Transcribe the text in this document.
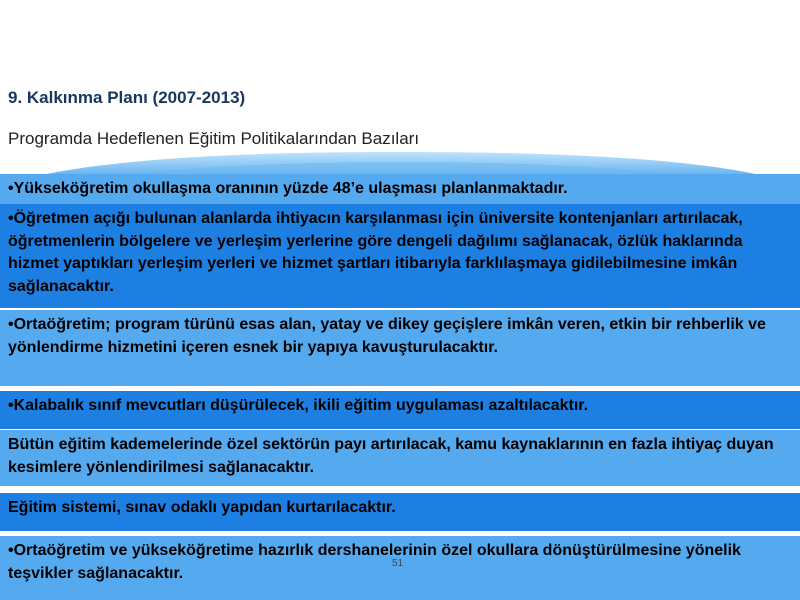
9. Kalkınma Planı (2007-2013)
Programda Hedeflenen Eğitim Politikalarından Bazıları
•Yükseköğretim okullaşma oranının yüzde 48’e ulaşması planlanmaktadır.
•Öğretmen açığı bulunan alanlarda ihtiyacın karşılanması için üniversite kontenjanları artırılacak, öğretmenlerin bölgelere ve yerleşim yerlerine göre dengeli dağılımı sağlanacak, özlük haklarında hizmet yaptıkları yerleşim yerleri ve hizmet şartları itibarıyla farklılaşmaya gidilebilmesine imkân sağlanacaktır.
•Ortaöğretim; program türünü esas alan, yatay ve dikey geçişlere imkân veren, etkin bir rehberlik ve yönlendirme hizmetini içeren esnek bir yapıya kavuşturulacaktır.
•Kalabalık sınıf mevcutları düşürülecek, ikili eğitim uygulaması azaltılacaktır.
Bütün eğitim kademelerinde özel sektörün payı artırılacak, kamu kaynaklarının en fazla ihtiyaç duyan kesimlere yönlendirilmesi sağlanacaktır.
Eğitim sistemi, sınav odaklı yapıdan kurtarılacaktır.
•Ortaöğretim ve yükseköğretime hazırlık dershanelerinin özel okullara dönüştürülmesine yönelik teşvikler sağlanacaktır.
51
